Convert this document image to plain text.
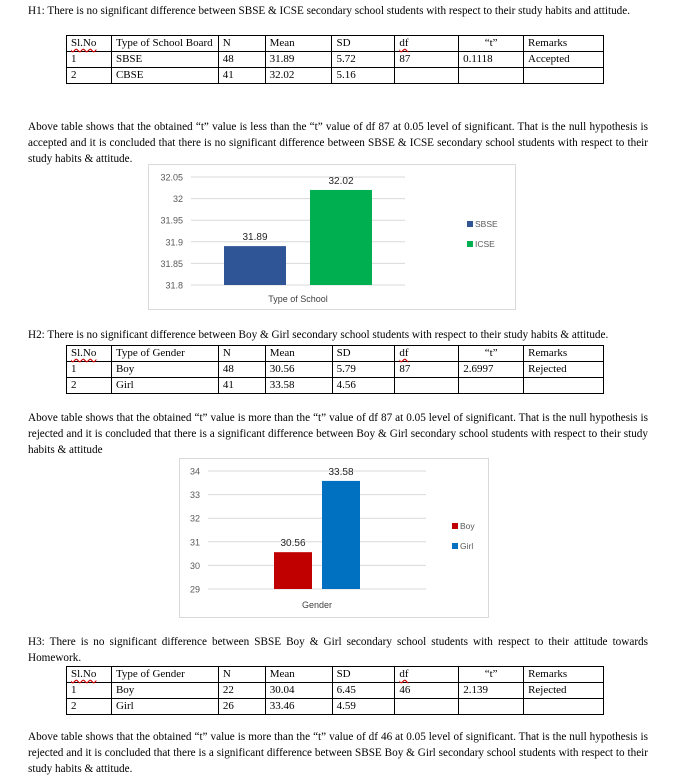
H1: There is no significant difference between SBSE & ICSE secondary school students with respect to their study habits and attitude.
Sl.No	Type of School Board	N	Mean	SD	df	“t”	Remarks
1	SBSE	48	31.89	5.72	87	0.1118	Accepted
2	CBSE	41	32.02	5.16			
Above table shows that the obtained “t” value is less than the “t” value of df 87 at 0.05 level of significant. That is the null hypothesis is accepted and it is concluded that there is no significant difference between SBSE & ICSE secondary school students with respect to their study habits & attitude.
31.8
31.85
31.9
31.95
32
32.05
31.89
SBSE
32.02
ICSE
Type of School
H2: There is no significant difference between Boy & Girl secondary school students with respect to their study habits & attitude.
Sl.No	Type of Gender	N	Mean	SD	df	“t”	Remarks
1	Boy	48	30.56	5.79	87	2.6997	Rejected
2	Girl	41	33.58	4.56			
Above table shows that the obtained “t” value is more than the “t” value of df 87 at 0.05 level of significant. That is the null hypothesis is rejected and it is concluded that there is a significant difference between Boy & Girl secondary school students with respect to their study habits & attitude
29
30
31
32
33
34
30.56
Boy
33.58
Girl
Gender
H3: There is no significant difference between SBSE Boy & Girl secondary school students with respect to their attitude towards Homework.
Sl.No	Type of Gender	N	Mean	SD	df	“t”	Remarks
1	Boy	22	30.04	6.45	46	2.139	Rejected
2	Girl	26	33.46	4.59			
Above table shows that the obtained “t” value is more than the “t” value of df 46 at 0.05 level of significant. That is the null hypothesis is rejected and it is concluded that there is a significant difference between SBSE Boy & Girl secondary school students with respect to their study habits & attitude.
